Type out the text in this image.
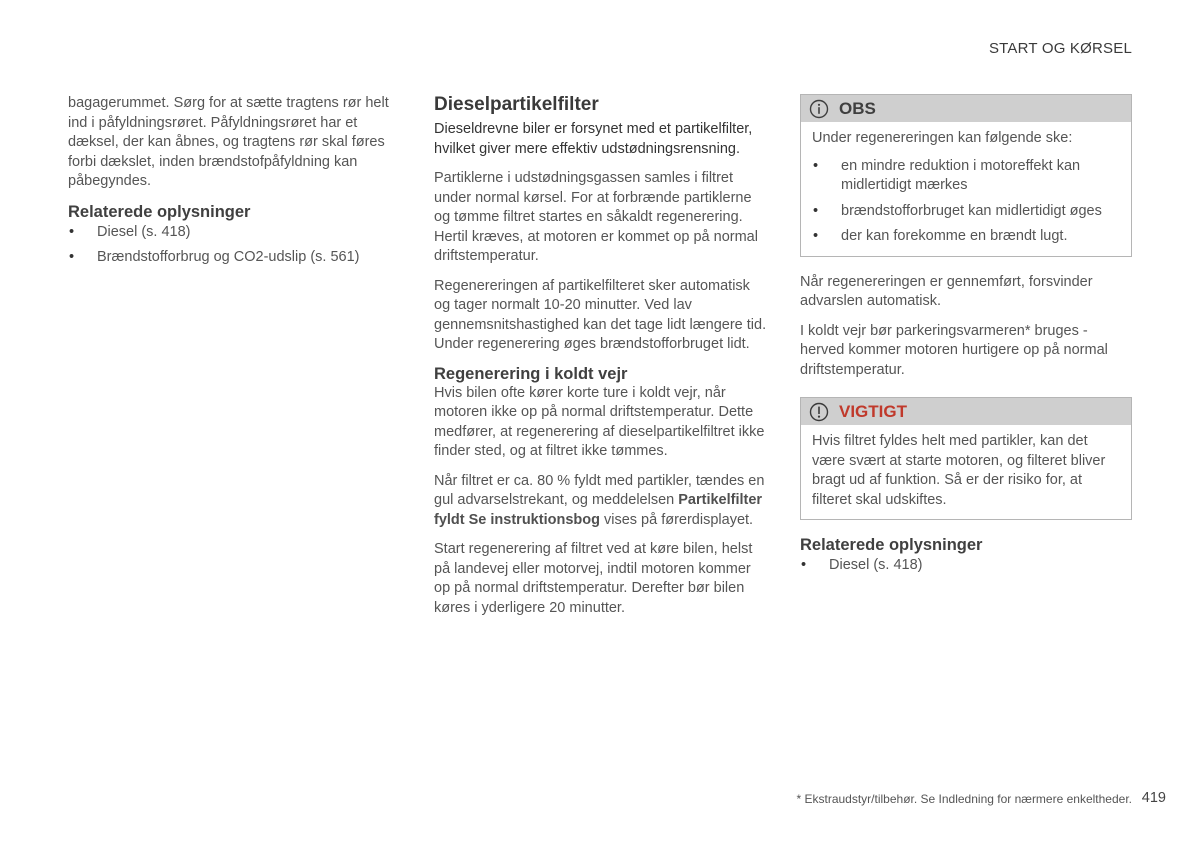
START OG KØRSEL

bagagerummet. Sørg for at sætte tragtens rør helt ind i påfyldningsrøret. Påfyldningsrøret har et dæksel, der kan åbnes, og tragtens rør skal føres forbi dækslet, inden brændstofpåfyldning kan påbegyndes.

Relaterede oplysninger
• Diesel (s. 418)
• Brændstofforbrug og CO2-udslip (s. 561)
Dieselpartikelfilter
Dieseldrevne biler er forsynet med et partikelfilter, hvilket giver mere effektiv udstødningsrensning.

Partiklerne i udstødningsgassen samles i filtret under normal kørsel. For at forbrænde partiklerne og tømme filtret startes en såkaldt regenerering. Hertil kræves, at motoren er kommet op på normal driftstemperatur.

Regenereringen af partikelfilteret sker automatisk og tager normalt 10-20 minutter. Ved lav gennemsnitshastighed kan det tage lidt længere tid. Under regenerering øges brændstofforbruget lidt.

Regenerering i koldt vejr

Hvis bilen ofte kører korte ture i koldt vejr, når motoren ikke op på normal driftstemperatur. Dette medfører, at regenerering af dieselpartikelfiltret ikke finder sted, og at filtret ikke tømmes.

Når filtret er ca. 80 % fyldt med partikler, tændes en gul advarselstrekant, og meddelelsen Partikelfilter fyldt Se instruktionsbog vises på førerdisplayet.

Start regenerering af filtret ved at køre bilen, helst på landevej eller motorvej, indtil motoren kommer op på normal driftstemperatur. Derefter bør bilen køres i yderligere 20 minutter.

OBS

Under regenereringen kan følgende ske:

• en mindre reduktion i motoreffekt kan midlertidigt mærkes
• brændstofforbruget kan midlertidigt øges
• der kan forekomme en brændt lugt.

Når regenereringen er gennemført, forsvinder advarslen automatisk.

I koldt vejr bør parkeringsvarmeren* bruges - herved kommer motoren hurtigere op på normal driftstemperatur.

VIGTIGT

Hvis filtret fyldes helt med partikler, kan det være svært at starte motoren, og filteret bliver bragt ud af funktion. Så er der risiko for, at filteret skal udskiftes.

Relaterede oplysninger
• Diesel (s. 418)
* Ekstraudstyr/tilbehør. Se Indledning for nærmere enkeltheder. 419
